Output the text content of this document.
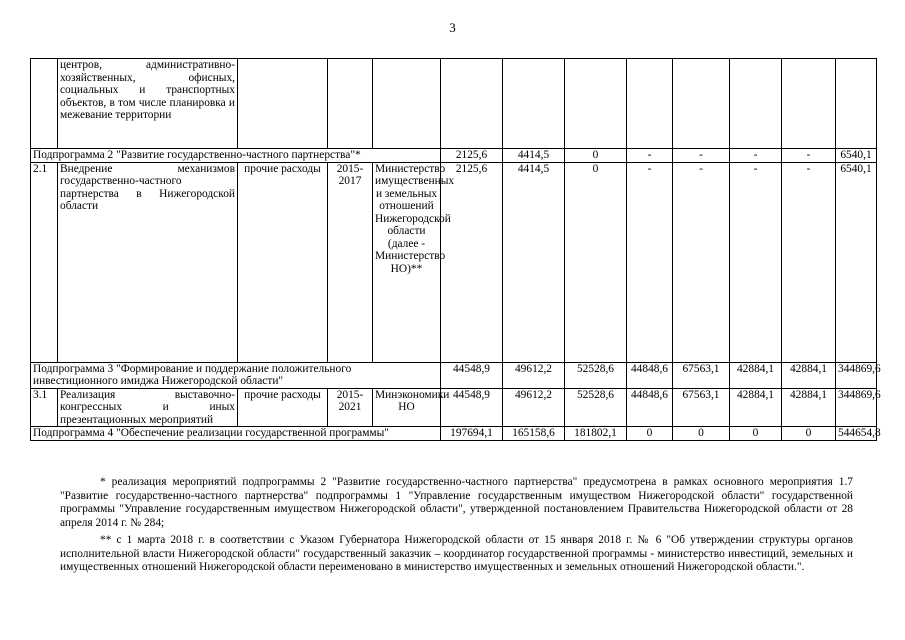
3
	центров, административно-хозяйственных, офисных, социальных и транспортных объектов, в том числе планировка и межевание территории											
Подпрограмма 2 "Развитие государственно-частного партнерства"*					2125,6	4414,5	0	-	-	-	-	6540,1
2.1	Внедрение механизмов государственно-частного партнерства в Нижегородской области	прочие расходы	2015-2017	Министерство имущественных и земельных отношений Нижегородской области (далее - Министерство НО)**	2125,6	4414,5	0	-	-	-	-	6540,1
Подпрограмма 3 "Формирование и поддержание положительного инвестиционного имиджа Нижегородской области"					44548,9	49612,2	52528,6	44848,6	67563,1	42884,1	42884,1	344869,6
3.1	Реализация выставочно-конгрессных и иных презентационных мероприятий	прочие расходы	2015-2021	Минэкономики НО	44548,9	49612,2	52528,6	44848,6	67563,1	42884,1	42884,1	344869,6
Подпрограмма 4 "Обеспечение реализации государственной программы"					197694,1	165158,6	181802,1	0	0	0	0	544654,8

* реализация мероприятий подпрограммы 2 "Развитие государственно-частного партнерства" предусмотрена в рамках основного мероприятия 1.7 "Развитие государственно-частного партнерства" подпрограммы 1 "Управление государственным имуществом Нижегородской области" государственной программы "Управление государственным имуществом Нижегородской области", утвержденной постановлением Правительства Нижегородской области от 28 апреля 2014 г. № 284;

** с 1 марта 2018 г. в соответствии с Указом Губернатора Нижегородской области от 15 января 2018 г. № 6 "Об утверждении структуры органов исполнительной власти Нижегородской области" государственный заказчик – координатор государственной программы - министерство инвестиций, земельных и имущественных отношений Нижегородской области переименовано в министерство имущественных и земельных отношений Нижегородской области.".
